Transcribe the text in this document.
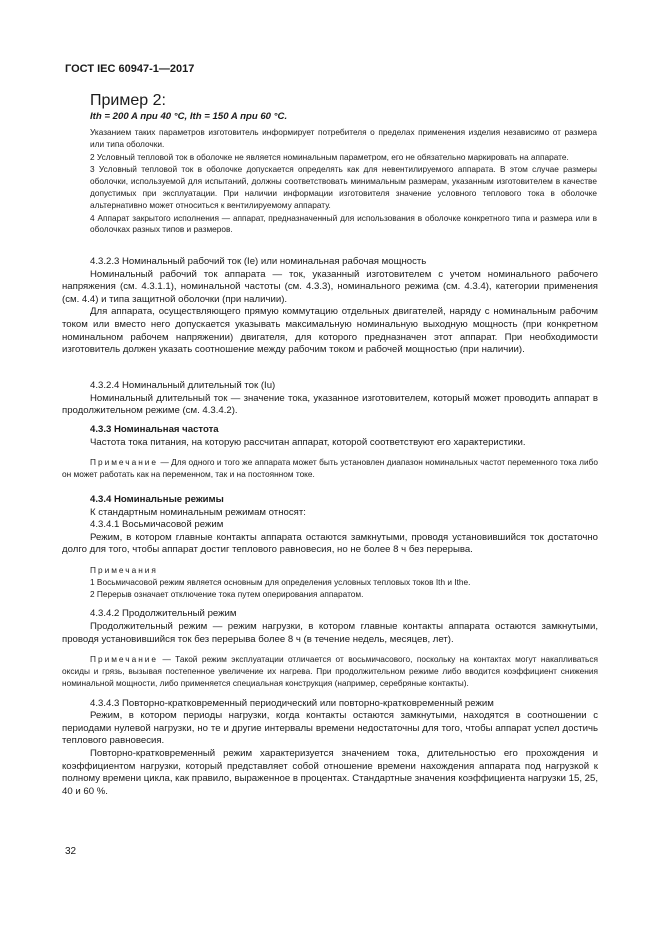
ГОСТ IEC 60947-1—2017
Пример 2:
Ith = 200 A при 40 °C, Ith = 150 A при 60 °C.

Указанием таких параметров изготовитель информирует потребителя о пределах применения изделия независимо от размера или типа оболочки.

2 Условный тепловой ток в оболочке не является номинальным параметром, его не обязательно маркировать на аппарате.

3 Условный тепловой ток в оболочке допускается определять как для невентилируемого аппарата. В этом случае размеры оболочки, используемой для испытаний, должны соответствовать минимальным размерам, указанным изготовителем в качестве допустимых при эксплуатации. При наличии информации изготовителя значение условного теплового тока в оболочке альтернативно может относиться к вентилируемому аппарату.

4 Аппарат закрытого исполнения — аппарат, предназначенный для использования в оболочке конкретного типа и размера или в оболочках разных типов и размеров.

4.3.2.3 Номинальный рабочий ток (Ie) или номинальная рабочая мощность

Номинальный рабочий ток аппарата — ток, указанный изготовителем с учетом номинального рабочего напряжения (см. 4.3.1.1), номинальной частоты (см. 4.3.3), номинального режима (см. 4.3.4), категории применения (см. 4.4) и типа защитной оболочки (при наличии).

Для аппарата, осуществляющего прямую коммутацию отдельных двигателей, наряду с номинальным рабочим током или вместо него допускается указывать максимальную номинальную выходную мощность (при конкретном номинальном рабочем напряжении) двигателя, для которого предназначен этот аппарат. При необходимости изготовитель должен указать соотношение между рабочим током и рабочей мощностью (при наличии).

4.3.2.4 Номинальный длительный ток (Iu)

Номинальный длительный ток — значение тока, указанное изготовителем, который может проводить аппарат в продолжительном режиме (см. 4.3.4.2).

4.3.3 Номинальная частота

Частота тока питания, на которую рассчитан аппарат, которой соответствуют его характеристики.

Примечание — Для одного и того же аппарата может быть установлен диапазон номинальных частот переменного тока либо он может работать как на переменном, так и на постоянном токе.

4.3.4 Номинальные режимы

К стандартным номинальным режимам относят:

4.3.4.1 Восьмичасовой режим

Режим, в котором главные контакты аппарата остаются замкнутыми, проводя установившийся ток достаточно долго для того, чтобы аппарат достиг теплового равновесия, но не более 8 ч без перерыва.

Примечания

1 Восьмичасовой режим является основным для определения условных тепловых токов Ith и Ithe.

2 Перерыв означает отключение тока путем оперирования аппаратом.

4.3.4.2 Продолжительный режим

Продолжительный режим — режим нагрузки, в котором главные контакты аппарата остаются замкнутыми, проводя установившийся ток без перерыва более 8 ч (в течение недель, месяцев, лет).

Примечание — Такой режим эксплуатации отличается от восьмичасового, поскольку на контактах могут накапливаться оксиды и грязь, вызывая постепенное увеличение их нагрева. При продолжительном режиме либо вводится коэффициент снижения номинальной мощности, либо применяется специальная конструкция (например, серебряные контакты).

4.3.4.3 Повторно-кратковременный периодический или повторно-кратковременный режим

Режим, в котором периоды нагрузки, когда контакты остаются замкнутыми, находятся в соотношении с периодами нулевой нагрузки, но те и другие интервалы времени недостаточны для того, чтобы аппарат успел достичь теплового равновесия.

Повторно-кратковременный режим характеризуется значением тока, длительностью его прохождения и коэффициентом нагрузки, который представляет собой отношение времени нахождения аппарата под нагрузкой к полному времени цикла, как правило, выраженное в процентах. Стандартные значения коэффициента нагрузки 15, 25, 40 и 60 %.

32
